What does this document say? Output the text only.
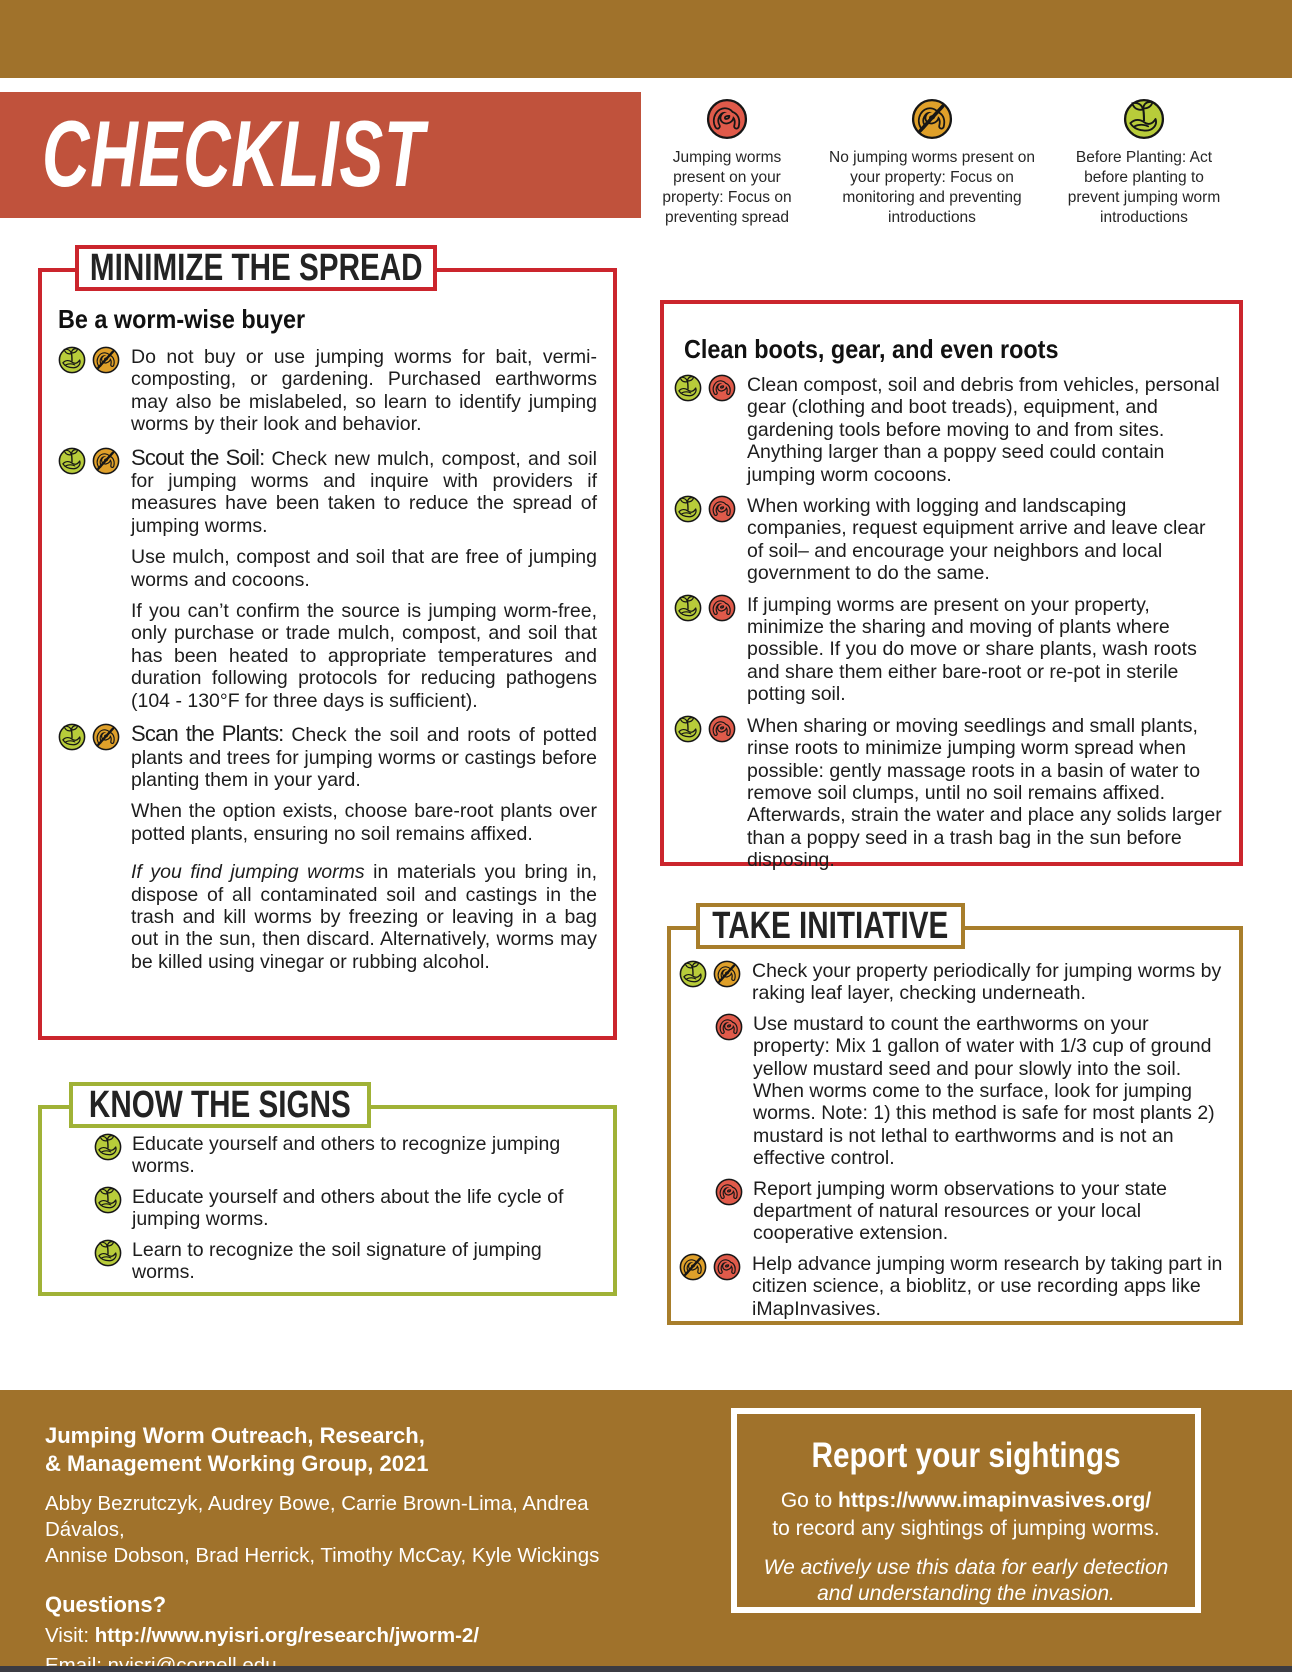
CHECKLIST	Jumping worms present on your property: Focus on preventing spread
No jumping worms present on your property: Focus on monitoring and preventing introductions
Before Planting: Act before planting to prevent jumping worm introductions
MINIMIZE THE SPREAD
Be a worm-wise buyer

Do not buy or use jumping worms for bait, vermi-composting, or gardening. Purchased earthworms may also be mislabeled, so learn to identify jumping worms by their look and behavior.

Scout the Soil: Check new mulch, compost, and soil for jumping worms and inquire with providers if measures have been taken to reduce the spread of jumping worms.

Use mulch, compost and soil that are free of jumping worms and cocoons.

If you can’t confirm the source is jumping worm-free, only purchase or trade mulch, compost, and soil that has been heated to appropriate temperatures and duration following protocols for reducing pathogens (104 - 130°F for three days is sufficient).

Scan the Plants: Check the soil and roots of potted plants and trees for jumping worms or castings before planting them in your yard.

When the option exists, choose bare-root plants over potted plants, ensuring no soil remains affixed.

If you find jumping worms in materials you bring in, dispose of all contaminated soil and castings in the trash and kill worms by freezing or leaving in a bag out in the sun, then discard. Alternatively, worms may be killed using vinegar or rubbing alcohol.

KNOW THE SIGNS

Educate yourself and others to recognize jumping worms.

Educate yourself and others about the life cycle of jumping worms.

Learn to recognize the soil signature of jumping worms.

Clean boots, gear, and even roots

Clean compost, soil and debris from vehicles, personal gear (clothing and boot treads), equipment, and gardening tools before moving to and from sites. Anything larger than a poppy seed could contain jumping worm cocoons.

When working with logging and landscaping companies, request equipment arrive and leave clear of soil– and encourage your neighbors and local government to do the same.

If jumping worms are present on your property, minimize the sharing and moving of plants where possible. If you do move or share plants, wash roots and share them either bare-root or re-pot in sterile potting soil.

When sharing or moving seedlings and small plants, rinse roots to minimize jumping worm spread when possible: gently massage roots in a basin of water to remove soil clumps, until no soil remains affixed. Afterwards, strain the water and place any solids larger than a poppy seed in a trash bag in the sun before disposing.

TAKE INITIATIVE

Check your property periodically for jumping worms by raking leaf layer, checking underneath.

Use mustard to count the earthworms on your property: Mix 1 gallon of water with 1/3 cup of ground yellow mustard seed and pour slowly into the soil. When worms come to the surface, look for jumping worms. Note: 1) this method is safe for most plants 2) mustard is not lethal to earthworms and is not an effective control.

Report jumping worm observations to your state department of natural resources or your local cooperative extension.

Help advance jumping worm research by taking part in citizen science, a bioblitz, or use recording apps like iMapInvasives.

Jumping Worm Outreach, Research,
& Management Working Group, 2021
Abby Bezrutczyk, Audrey Bowe, Carrie Brown-Lima, Andrea Dávalos,
Annise Dobson, Brad Herrick, Timothy McCay, Kyle Wickings
Questions?
Visit: http://www.nyisri.org/research/jworm-2/
Report your sightings
Go to https://www.imapinvasives.org/
to record any sightings of jumping worms.
We actively use this data for early detection
and understanding the invasion.
